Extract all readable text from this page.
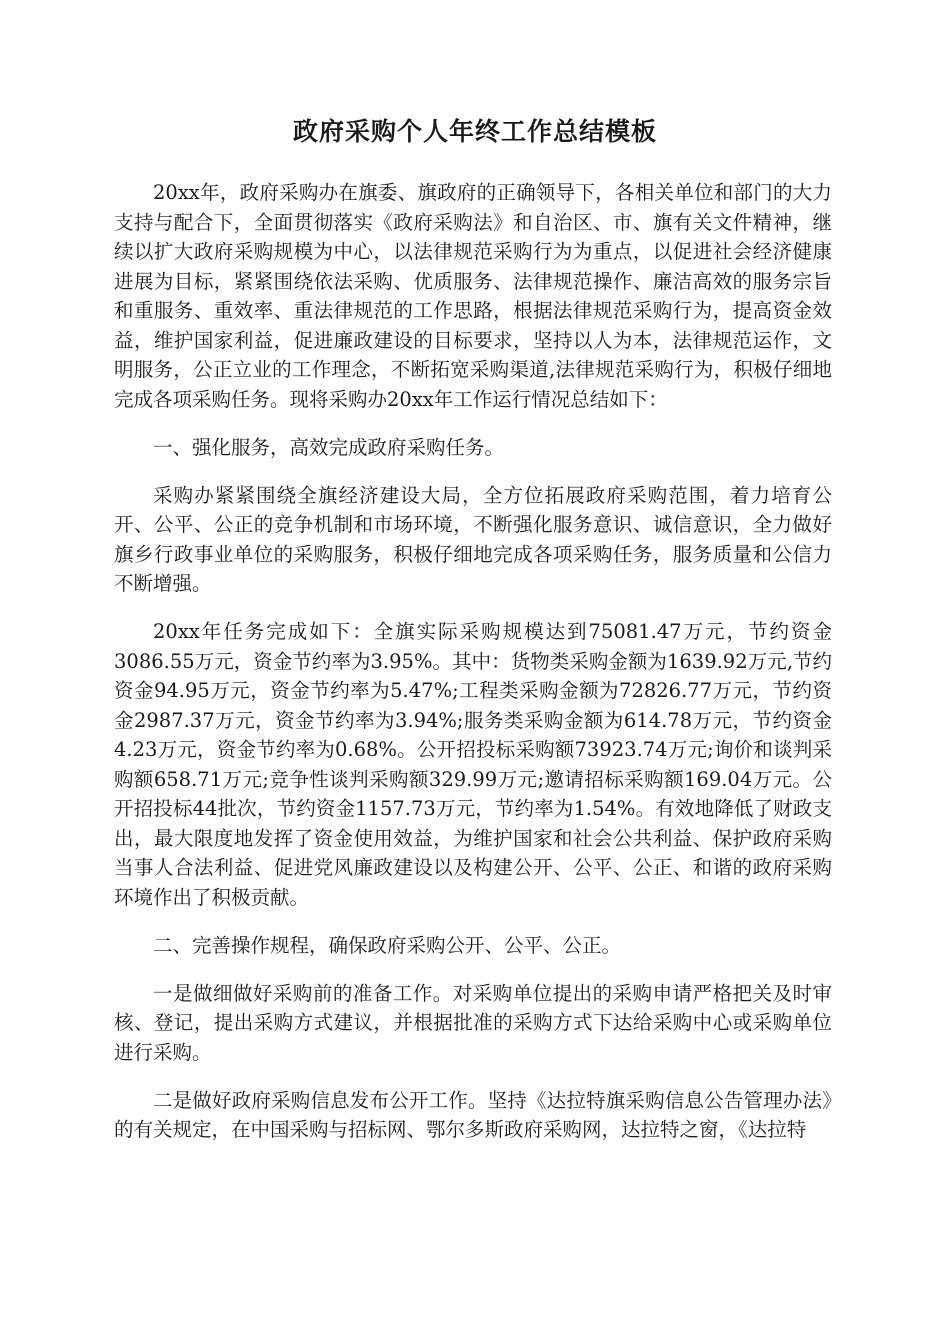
政府采购个人年终工作总结模板

20xx年，政府采购办在旗委、旗政府的正确领导下，各相关单位和部门的大力支持与配合下，全面贯彻落实《政府采购法》和自治区、市、旗有关文件精神，继续以扩大政府采购规模为中心，以法律规范采购行为为重点，以促进社会经济健康进展为目标，紧紧围绕依法采购、优质服务、法律规范操作、廉洁高效的服务宗旨和重服务、重效率、重法律规范的工作思路，根据法律规范采购行为，提高资金效益，维护国家利益，促进廉政建设的目标要求，坚持以人为本，法律规范运作，文明服务，公正立业的工作理念，不断拓宽采购渠道,法律规范采购行为，积极仔细地完成各项采购任务。现将采购办20xx年工作运行情况总结如下：

一、强化服务，高效完成政府采购任务。

采购办紧紧围绕全旗经济建设大局，全方位拓展政府采购范围，着力培育公开、公平、公正的竞争机制和市场环境，不断强化服务意识、诚信意识，全力做好旗乡行政事业单位的采购服务，积极仔细地完成各项采购任务，服务质量和公信力不断增强。

20xx年任务完成如下：全旗实际采购规模达到75081.47万元，节约资金3086.55万元，资金节约率为3.95%。其中：货物类采购金额为1639.92万元,节约资金94.95万元，资金节约率为5.47%;工程类采购金额为72826.77万元，节约资金2987.37万元，资金节约率为3.94%;服务类采购金额为614.78万元，节约资金4.23万元，资金节约率为0.68%。公开招投标采购额73923.74万元;询价和谈判采购额658.71万元;竞争性谈判采购额329.99万元;邀请招标采购额169.04万元。公开招投标44批次，节约资金1157.73万元，节约率为1.54%。有效地降低了财政支出，最大限度地发挥了资金使用效益，为维护国家和社会公共利益、保护政府采购当事人合法利益、促进党风廉政建设以及构建公开、公平、公正、和谐的政府采购环境作出了积极贡献。

二、完善操作规程，确保政府采购公开、公平、公正。

一是做细做好采购前的准备工作。对采购单位提出的采购申请严格把关及时审核、登记，提出采购方式建议，并根据批准的采购方式下达给采购中心或采购单位进行采购。

二是做好政府采购信息发布公开工作。坚持《达拉特旗采购信息公告管理办法》的有关规定，在中国采购与招标网、鄂尔多斯政府采购网，达拉特之窗，《达拉特
